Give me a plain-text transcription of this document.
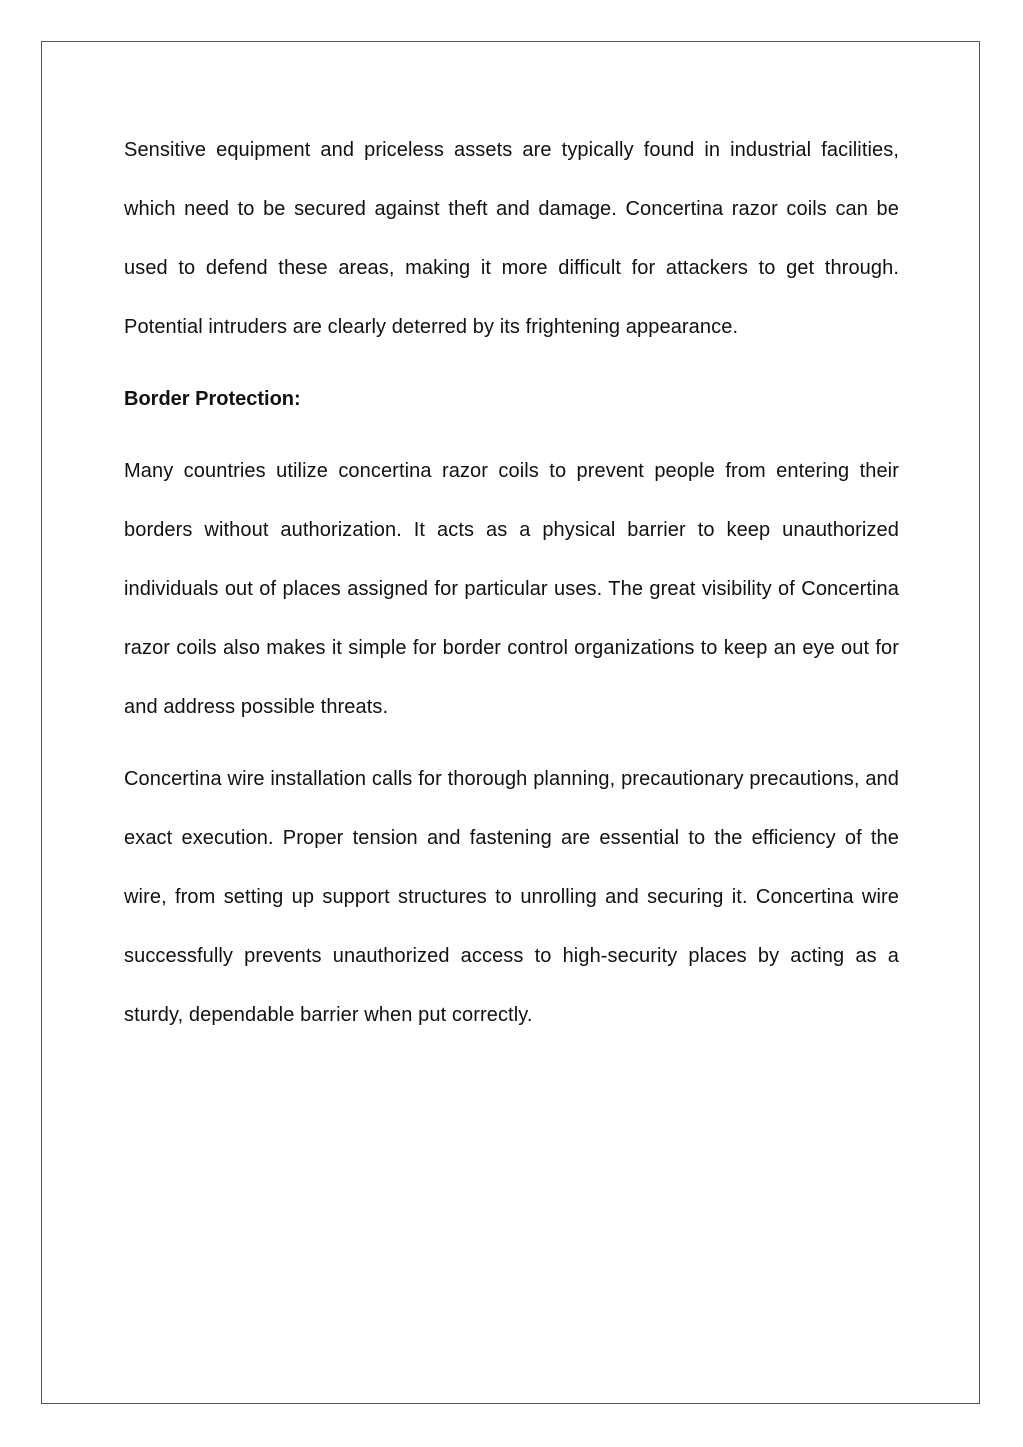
Sensitive equipment and priceless assets are typically found in industrial facilities, which need to be secured against theft and damage. Concertina razor coils can be used to defend these areas, making it more difficult for attackers to get through. Potential intruders are clearly deterred by its frightening appearance.

Border Protection:

Many countries utilize concertina razor coils to prevent people from entering their borders without authorization. It acts as a physical barrier to keep unauthorized individuals out of places assigned for particular uses. The great visibility of Concertina razor coils also makes it simple for border control organizations to keep an eye out for and address possible threats.

Concertina wire installation calls for thorough planning, precautionary precautions, and exact execution. Proper tension and fastening are essential to the efficiency of the wire, from setting up support structures to unrolling and securing it. Concertina wire successfully prevents unauthorized access to high-security places by acting as a sturdy, dependable barrier when put correctly.
